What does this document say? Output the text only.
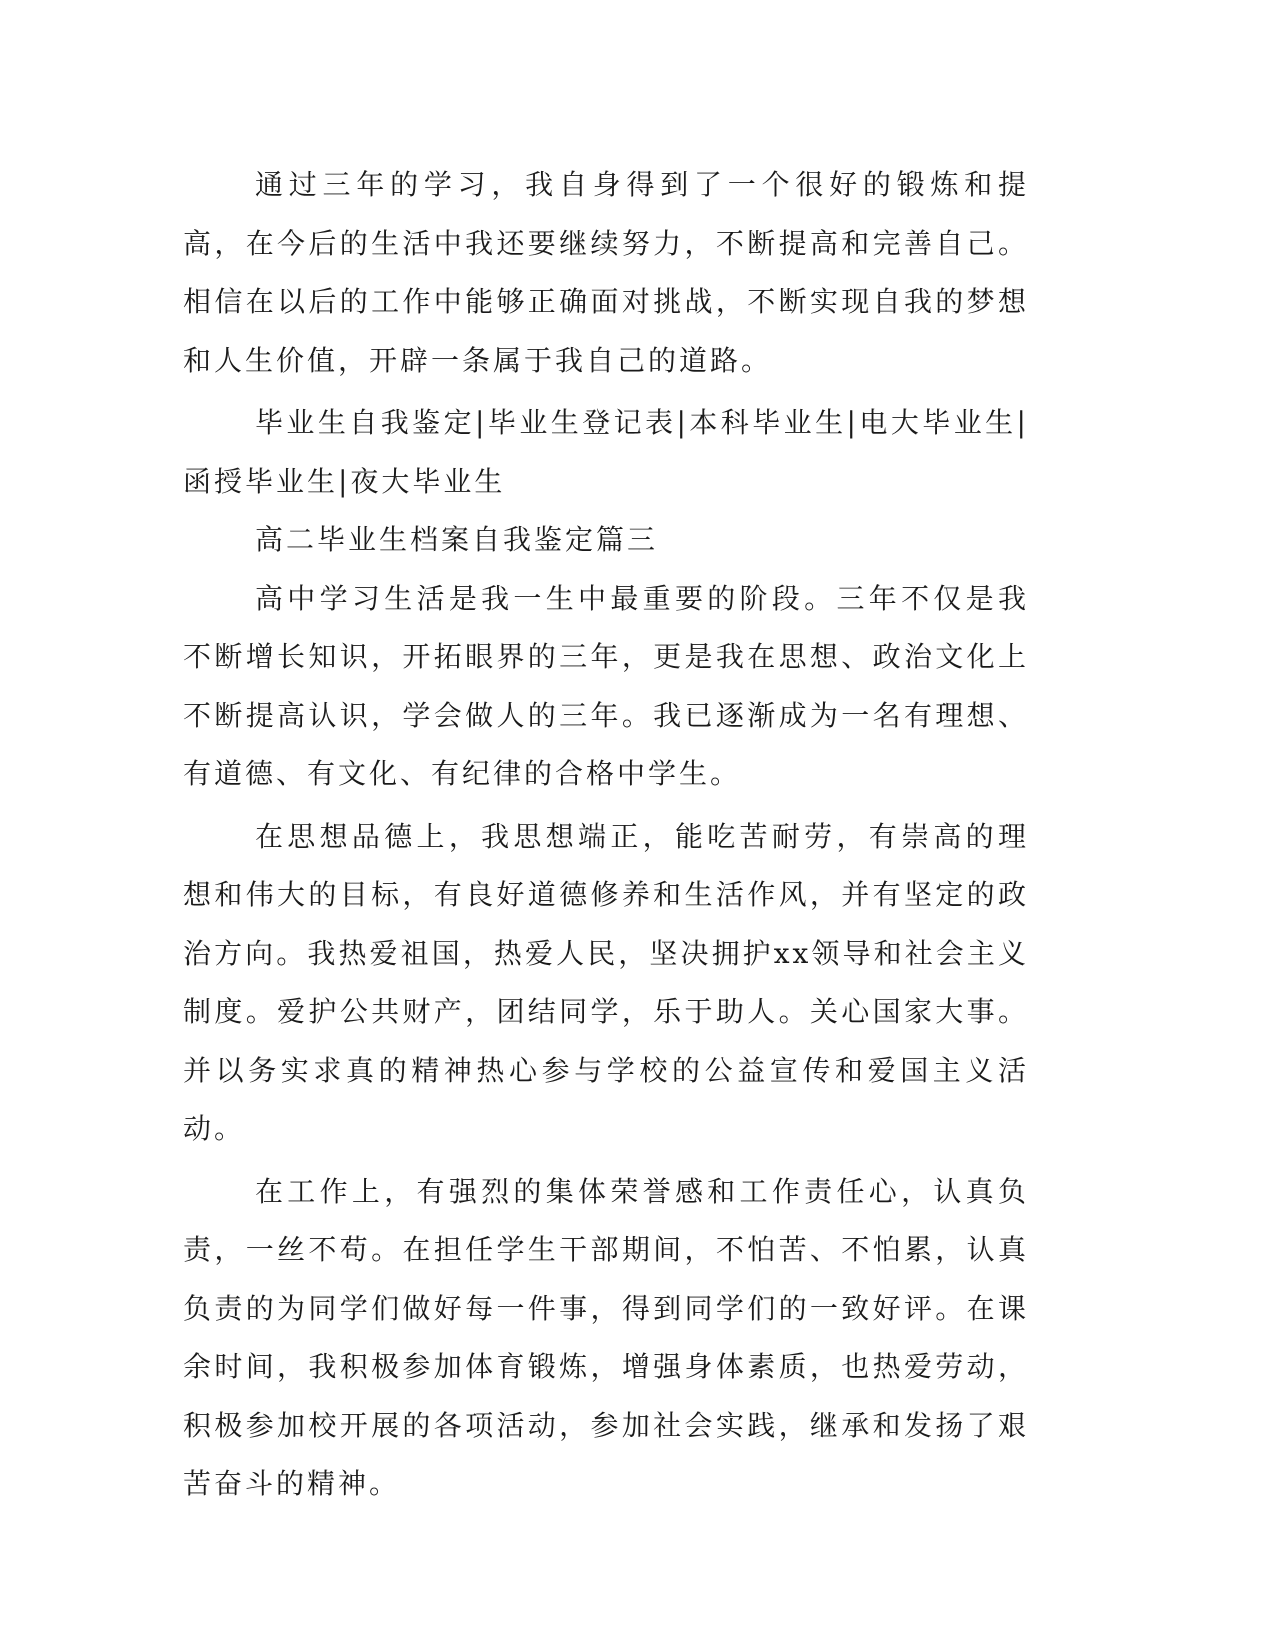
通过三年的学习，我自身得到了一个很好的锻炼和提高，在今后的生活中我还要继续努力，不断提高和完善自己。相信在以后的工作中能够正确面对挑战，不断实现自我的梦想和人生价值，开辟一条属于我自己的道路。

毕业生自我鉴定|毕业生登记表|本科毕业生|电大毕业生|函授毕业生|夜大毕业生

高二毕业生档案自我鉴定篇三

高中学习生活是我一生中最重要的阶段。三年不仅是我不断增长知识，开拓眼界的三年，更是我在思想、政治文化上不断提高认识，学会做人的三年。我已逐渐成为一名有理想、有道德、有文化、有纪律的合格中学生。

在思想品德上，我思想端正，能吃苦耐劳，有崇高的理想和伟大的目标，有良好道德修养和生活作风，并有坚定的政治方向。我热爱祖国，热爱人民，坚决拥护xx领导和社会主义制度。爱护公共财产，团结同学，乐于助人。关心国家大事。并以务实求真的精神热心参与学校的公益宣传和爱国主义活动。

在工作上，有强烈的集体荣誉感和工作责任心，认真负责，一丝不苟。在担任学生干部期间，不怕苦、不怕累，认真负责的为同学们做好每一件事，得到同学们的一致好评。在课余时间，我积极参加体育锻炼，增强身体素质，也热爱劳动，积极参加校开展的各项活动，参加社会实践，继承和发扬了艰苦奋斗的精神。
